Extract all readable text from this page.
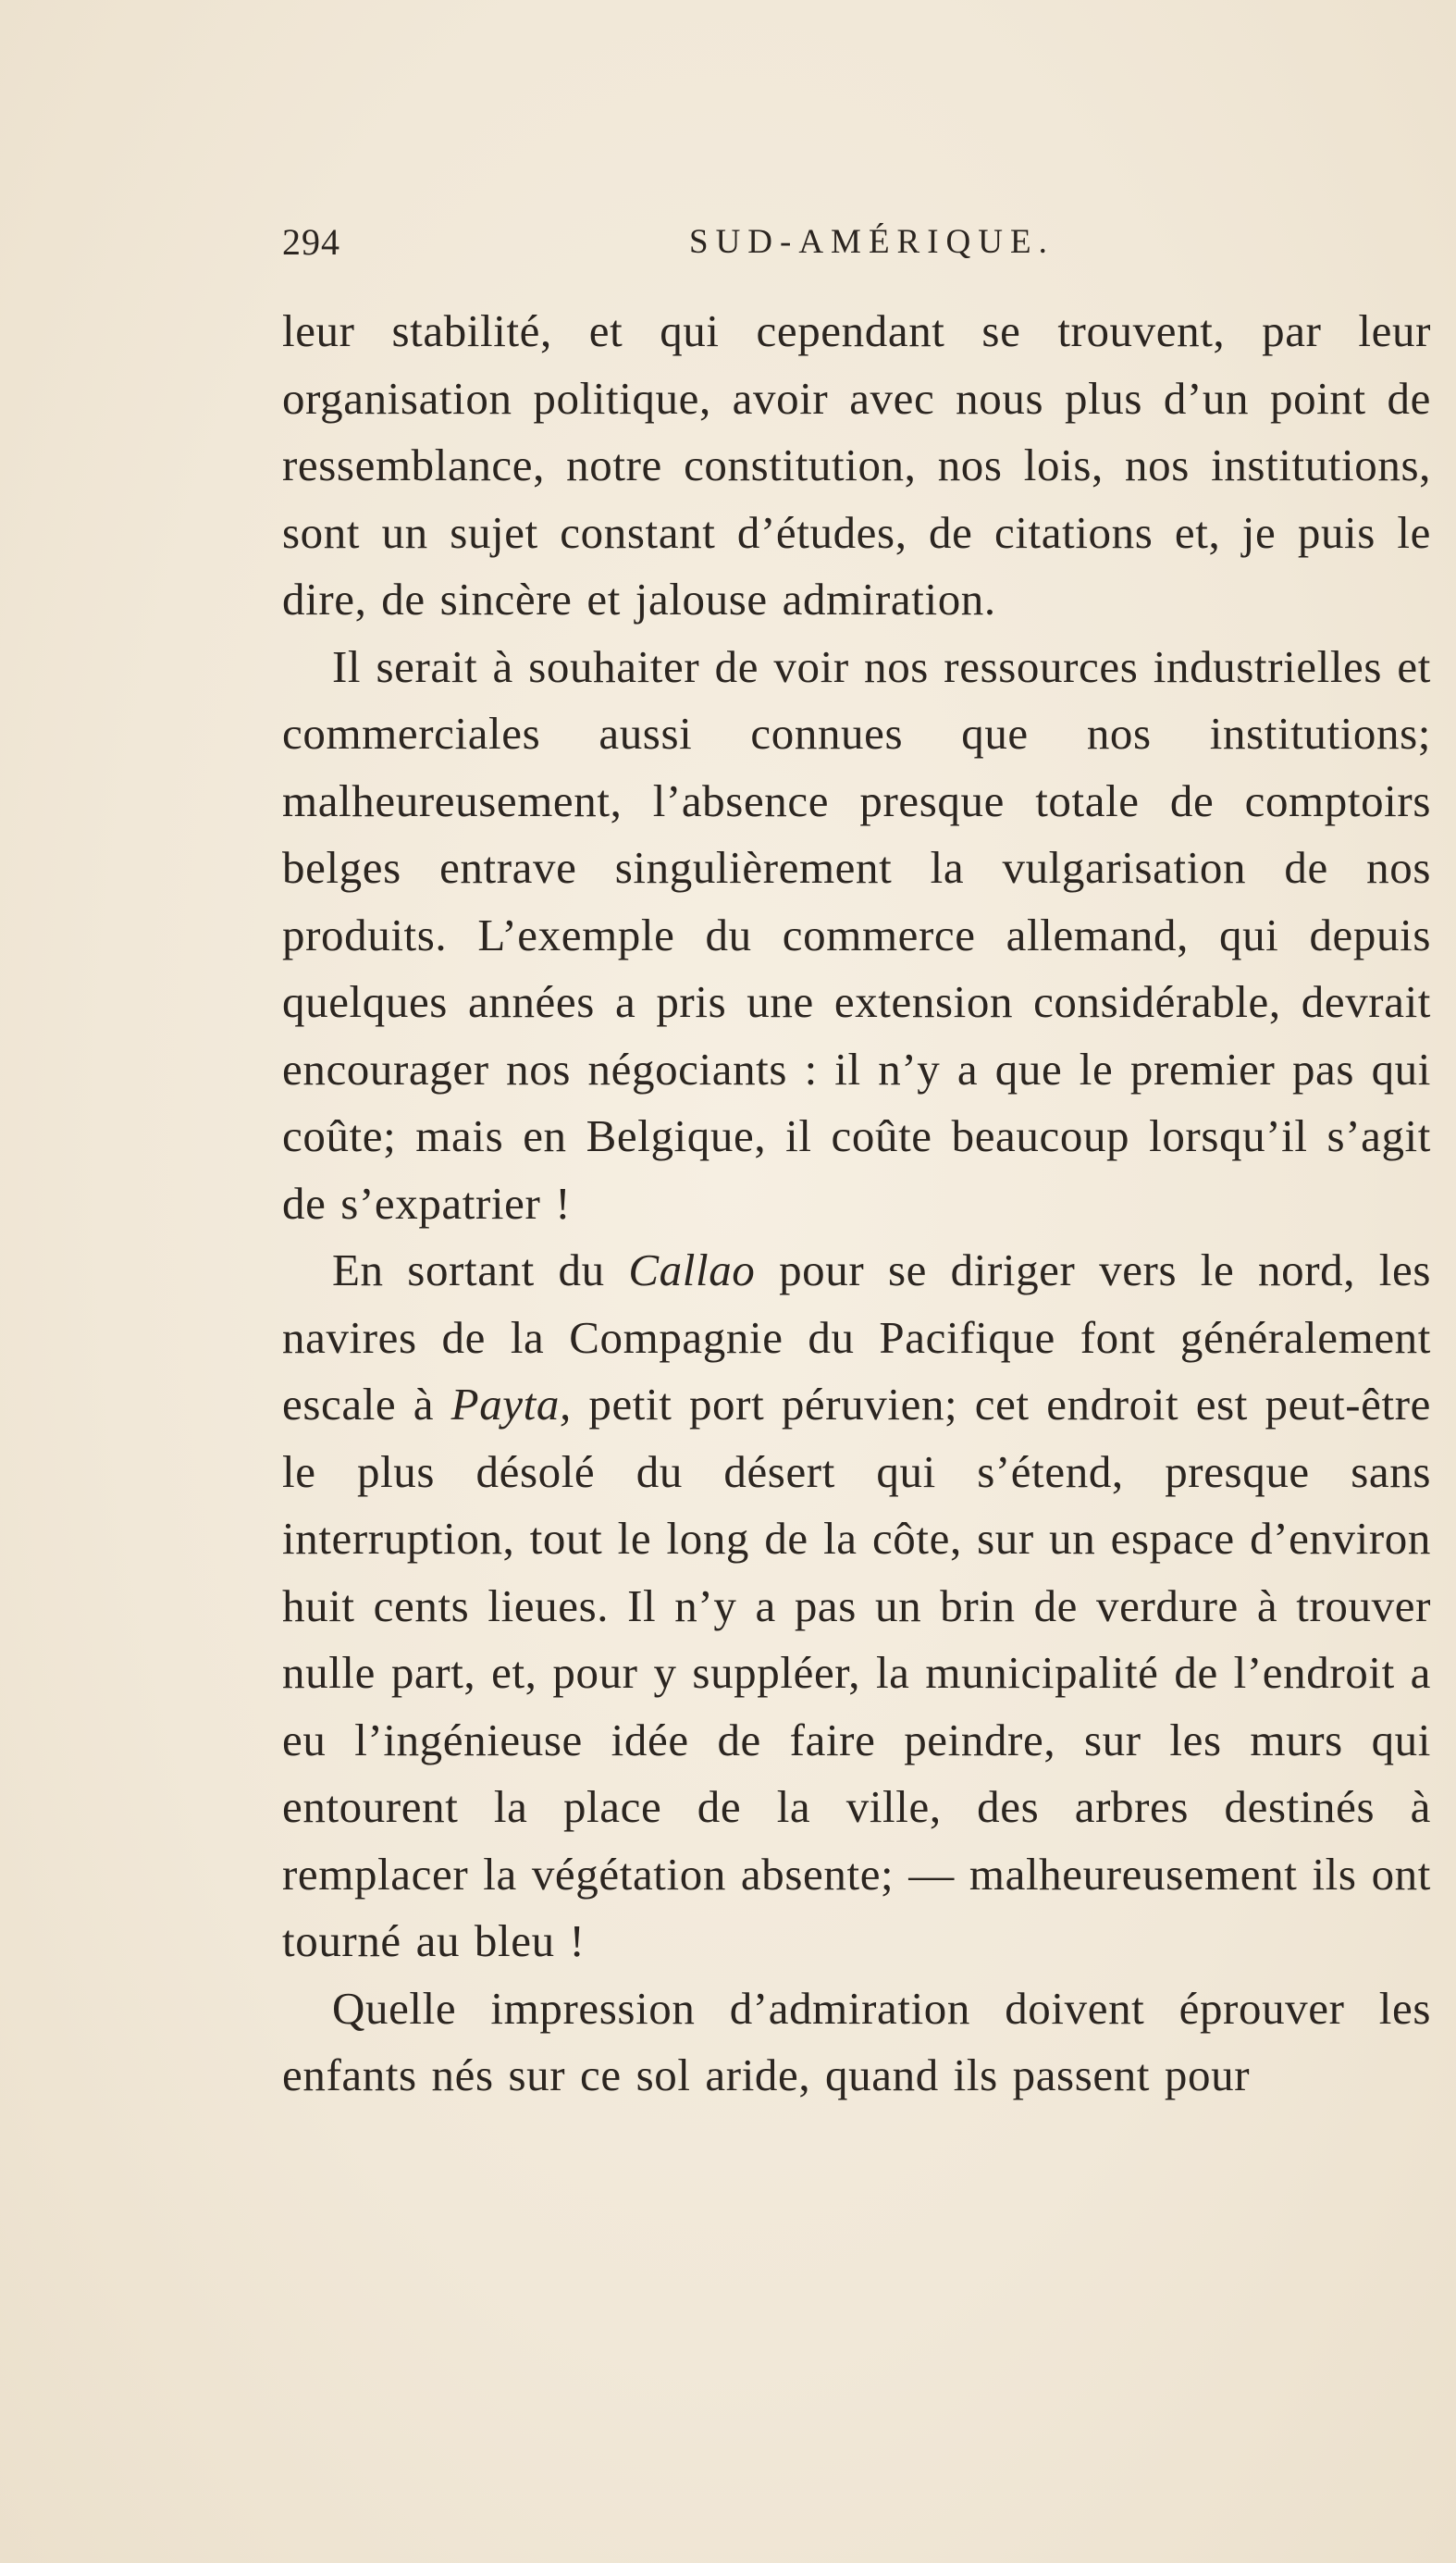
294	SUD-AMÉRIQUE.

leur stabilité, et qui cependant se trouvent, par leur organisation politique, avoir avec nous plus d’un point de ressemblance, notre constitution, nos lois, nos institutions, sont un sujet constant d’études, de citations et, je puis le dire, de sincère et jalouse admiration.

Il serait à souhaiter de voir nos ressources industrielles et commerciales aussi connues que nos institutions; malheureusement, l’absence presque totale de comptoirs belges entrave singulièrement la vulgarisation de nos produits. L’exemple du commerce allemand, qui depuis quelques années a pris une extension considérable, devrait encourager nos négociants : il n’y a que le premier pas qui coûte; mais en Belgique, il coûte beaucoup lorsqu’il s’agit de s’expatrier !

En sortant du Callao pour se diriger vers le nord, les navires de la Compagnie du Pacifique font généralement escale à Payta, petit port péruvien; cet endroit est peut-être le plus désolé du désert qui s’étend, presque sans interruption, tout le long de la côte, sur un espace d’environ huit cents lieues. Il n’y a pas un brin de verdure à trouver nulle part, et, pour y suppléer, la municipalité de l’endroit a eu l’ingénieuse idée de faire peindre, sur les murs qui entourent la place de la ville, des arbres destinés à remplacer la végétation absente; — malheureusement ils ont tourné au bleu !

Quelle impression d’admiration doivent éprouver les enfants nés sur ce sol aride, quand ils passent pour
